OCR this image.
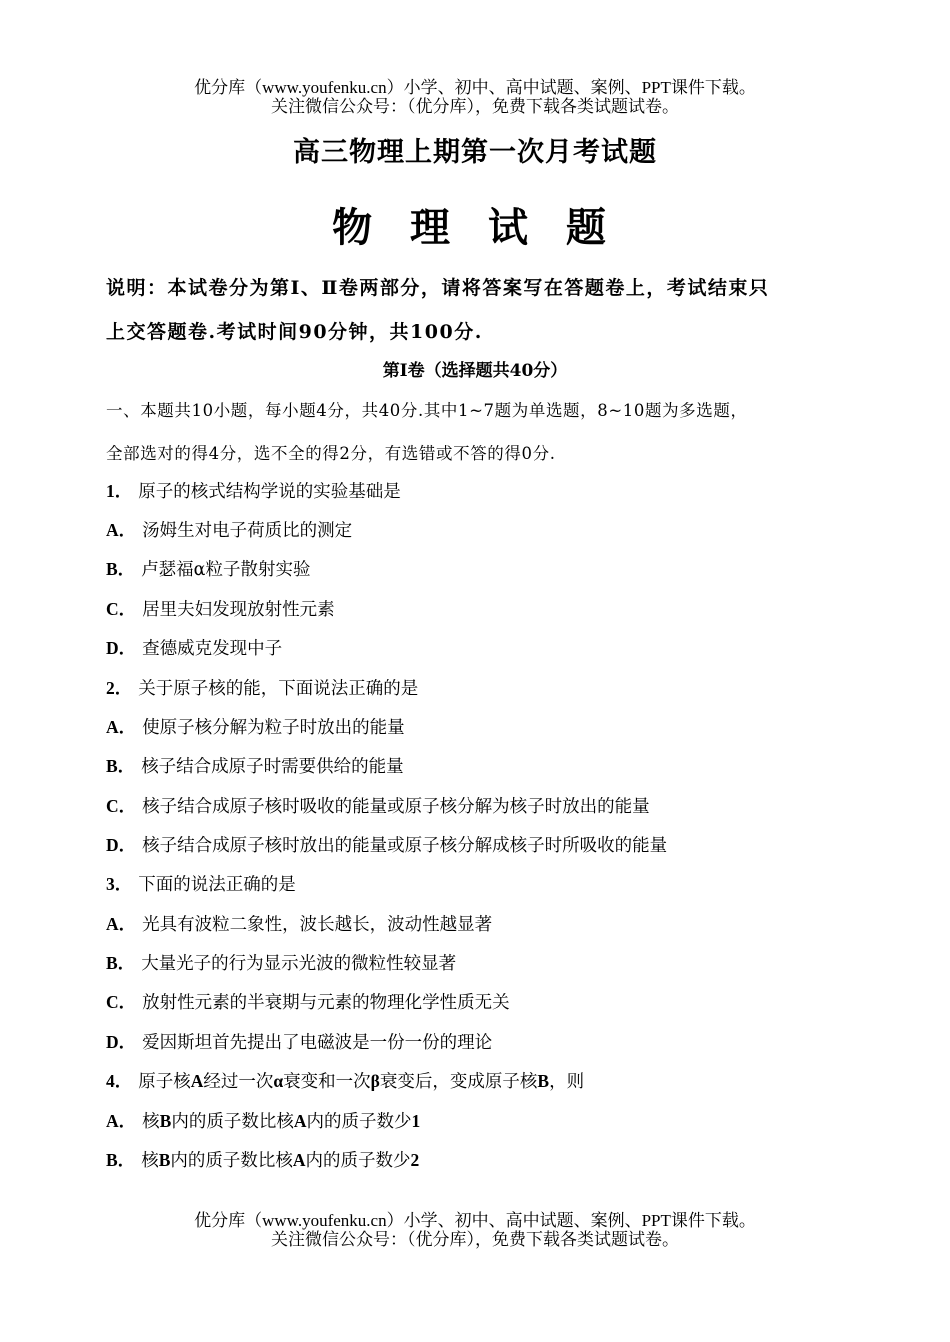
优分库（www.youfenku.cn）小学、初中、高中试题、案例、PPT课件下载。
关注微信公众号：（优分库），免费下载各类试题试卷。
高三物理上期第一次月考试题
物 理 试 题
说明：本试卷分为第Ⅰ、Ⅱ卷两部分，请将答案写在答题卷上，考试结束只
上交答题卷.考试时间90分钟，共100分.
第Ⅰ卷（选择题共40分）
一、本题共10小题，每小题4分，共40分.其中1~7题为单选题，8~10题为多选题，
全部选对的得4分，选不全的得2分，有选错或不答的得0分.
1． 原子的核式结构学说的实验基础是
A． 汤姆生对电子荷质比的测定
B． 卢瑟福α粒子散射实验
C． 居里夫妇发现放射性元素
D． 查德威克发现中子
2． 关于原子核的能，下面说法正确的是
A． 使原子核分解为粒子时放出的能量
B． 核子结合成原子时需要供给的能量
C． 核子结合成原子核时吸收的能量或原子核分解为核子时放出的能量
D． 核子结合成原子核时放出的能量或原子核分解成核子时所吸收的能量
3． 下面的说法正确的是
A． 光具有波粒二象性，波长越长，波动性越显著
B． 大量光子的行为显示光波的微粒性较显著
C． 放射性元素的半衰期与元素的物理化学性质无关
D． 爱因斯坦首先提出了电磁波是一份一份的理论
4． 原子核A经过一次α衰变和一次β衰变后，变成原子核B，则
A． 核B内的质子数比核A内的质子数少1
B． 核B内的质子数比核A内的质子数少2
优分库（www.youfenku.cn）小学、初中、高中试题、案例、PPT课件下载。
关注微信公众号：（优分库），免费下载各类试题试卷。
